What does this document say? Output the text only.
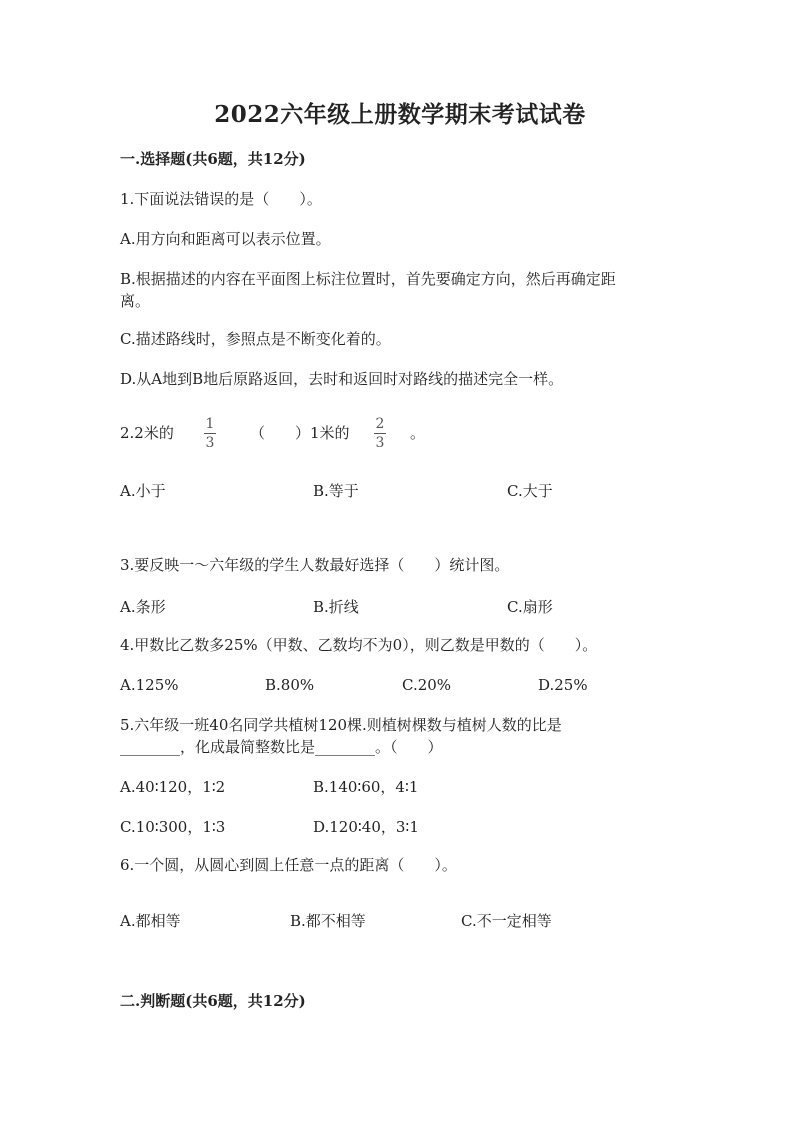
2022六年级上册数学期末考试试卷
一.选择题(共6题，共12分)
1.下面说法错误的是（　　）。
A.用方向和距离可以表示位置。
B.根据描述的内容在平面图上标注位置时，首先要确定方向，然后再确定距
离。
C.描述路线时，参照点是不断变化着的。
D.从A地到B地后原路返回，去时和返回时对路线的描述完全一样。
2.2米的 1
3
（　　）1米的 2
3
。
A.小于	B.等于	C.大于
3.要反映一～六年级的学生人数最好选择（　　）统计图。
A.条形	B.折线	C.扇形
4.甲数比乙数多25%（甲数、乙数均不为0），则乙数是甲数的（　　）。
A.125%	B.80%	C.20%	D.25%
5.六年级一班40名同学共植树120棵.则植树棵数与植树人数的比是
________，化成最简整数比是________。（　　）
A.40∶120，1∶2	B.140∶60，4∶1
C.10∶300，1∶3	D.120∶40，3∶1
6.一个圆，从圆心到圆上任意一点的距离（　　）。
A.都相等	B.都不相等	C.不一定相等
二.判断题(共6题，共12分)
